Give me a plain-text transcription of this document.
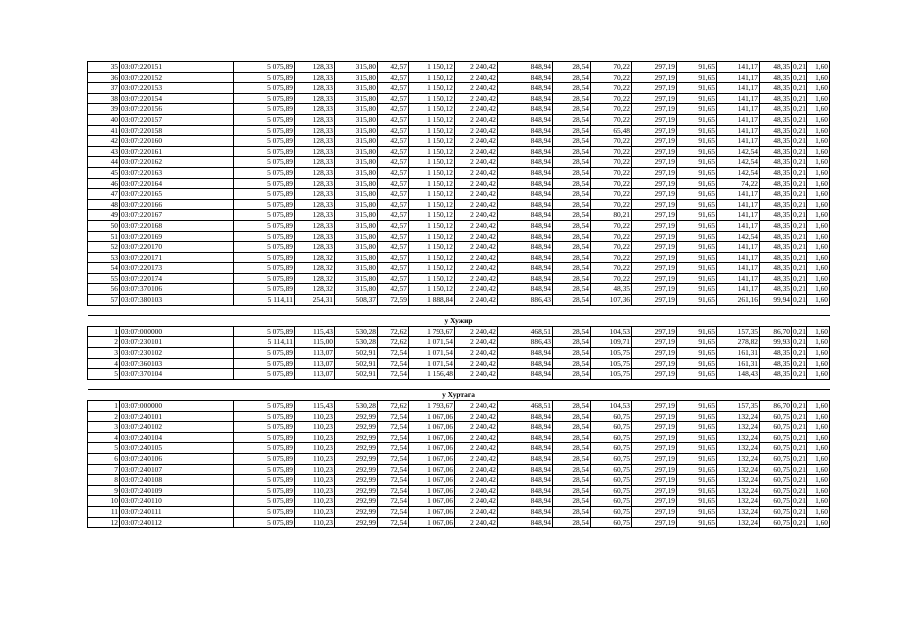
35	03:07:220151	5 075,89	128,33	315,80	42,57	1 150,12	2 240,42	848,94	28,54	70,22	297,19	91,65	141,17	48,35	0,21	1,60
36	03:07:220152	5 075,89	128,33	315,80	42,57	1 150,12	2 240,42	848,94	28,54	70,22	297,19	91,65	141,17	48,35	0,21	1,60
37	03:07:220153	5 075,89	128,33	315,80	42,57	1 150,12	2 240,42	848,94	28,54	70,22	297,19	91,65	141,17	48,35	0,21	1,60
38	03:07:220154	5 075,89	128,33	315,80	42,57	1 150,12	2 240,42	848,94	28,54	70,22	297,19	91,65	141,17	48,35	0,21	1,60
39	03:07:220156	5 075,89	128,33	315,80	42,57	1 150,12	2 240,42	848,94	28,54	70,22	297,19	91,65	141,17	48,35	0,21	1,60
40	03:07:220157	5 075,89	128,33	315,80	42,57	1 150,12	2 240,42	848,94	28,54	70,22	297,19	91,65	141,17	48,35	0,21	1,60
41	03:07:220158	5 075,89	128,33	315,80	42,57	1 150,12	2 240,42	848,94	28,54	65,48	297,19	91,65	141,17	48,35	0,21	1,60
42	03:07:220160	5 075,89	128,33	315,80	42,57	1 150,12	2 240,42	848,94	28,54	70,22	297,19	91,65	141,17	48,35	0,21	1,60
43	03:07:220161	5 075,89	128,33	315,80	42,57	1 150,12	2 240,42	848,94	28,54	70,22	297,19	91,65	142,54	48,35	0,21	1,60
44	03:07:220162	5 075,89	128,33	315,80	42,57	1 150,12	2 240,42	848,94	28,54	70,22	297,19	91,65	142,54	48,35	0,21	1,60
45	03:07:220163	5 075,89	128,33	315,80	42,57	1 150,12	2 240,42	848,94	28,54	70,22	297,19	91,65	142,54	48,35	0,21	1,60
46	03:07:220164	5 075,89	128,33	315,80	42,57	1 150,12	2 240,42	848,94	28,54	70,22	297,19	91,65	74,22	48,35	0,21	1,60
47	03:07:220165	5 075,89	128,33	315,80	42,57	1 150,12	2 240,42	848,94	28,54	70,22	297,19	91,65	141,17	48,35	0,21	1,60
48	03:07:220166	5 075,89	128,33	315,80	42,57	1 150,12	2 240,42	848,94	28,54	70,22	297,19	91,65	141,17	48,35	0,21	1,60
49	03:07:220167	5 075,89	128,33	315,80	42,57	1 150,12	2 240,42	848,94	28,54	80,21	297,19	91,65	141,17	48,35	0,21	1,60
50	03:07:220168	5 075,89	128,33	315,80	42,57	1 150,12	2 240,42	848,94	28,54	70,22	297,19	91,65	141,17	48,35	0,21	1,60
51	03:07:220169	5 075,89	128,33	315,80	42,57	1 150,12	2 240,42	848,94	28,54	70,22	297,19	91,65	142,54	48,35	0,21	1,60
52	03:07:220170	5 075,89	128,33	315,80	42,57	1 150,12	2 240,42	848,94	28,54	70,22	297,19	91,65	141,17	48,35	0,21	1,60
53	03:07:220171	5 075,89	128,32	315,80	42,57	1 150,12	2 240,42	848,94	28,54	70,22	297,19	91,65	141,17	48,35	0,21	1,60
54	03:07:220173	5 075,89	128,32	315,80	42,57	1 150,12	2 240,42	848,94	28,54	70,22	297,19	91,65	141,17	48,35	0,21	1,60
55	03:07:220174	5 075,89	128,32	315,80	42,57	1 150,12	2 240,42	848,94	28,54	70,22	297,19	91,65	141,17	48,35	0,21	1,60
56	03:07:370106	5 075,89	128,32	315,80	42,57	1 150,12	2 240,42	848,94	28,54	48,35	297,19	91,65	141,17	48,35	0,21	1,60
57	03:07:380103	5 114,11	254,31	508,37	72,59	1 888,84	2 240,42	886,43	28,54	107,36	297,19	91,65	261,16	99,94	0,21	1,60

у Хужир																
1	03:07:000000	5 075,89	115,43	530,28	72,62	1 793,67	2 240,42	468,51	28,54	104,53	297,19	91,65	157,35	86,70	0,21	1,60
2	03:07:230101	5 114,11	115,00	530,28	72,62	1 071,54	2 240,42	886,43	28,54	109,71	297,19	91,65	278,82	99,93	0,21	1,60
3	03:07:230102	5 075,89	113,07	502,91	72,54	1 071,54	2 240,42	848,94	28,54	105,75	297,19	91,65	161,31	48,35	0,21	1,60
4	03:07:360103	5 075,89	113,07	502,91	72,54	1 071,54	2 240,42	848,94	28,54	105,75	297,19	91,65	161,31	48,35	0,21	1,60
5	03:07:370104	5 075,89	113,07	502,91	72,54	1 156,48	2 240,42	848,94	28,54	105,75	297,19	91,65	148,43	48,35	0,21	1,60

у Хуртага																
1	03:07:000000	5 075,89	115,43	530,28	72,62	1 793,67	2 240,42	468,51	28,54	104,53	297,19	91,65	157,35	86,70	0,21	1,60
2	03:07:240101	5 075,89	110,23	292,99	72,54	1 067,06	2 240,42	848,94	28,54	60,75	297,19	91,65	132,24	60,75	0,21	1,60
3	03:07:240102	5 075,89	110,23	292,99	72,54	1 067,06	2 240,42	848,94	28,54	60,75	297,19	91,65	132,24	60,75	0,21	1,60
4	03:07:240104	5 075,89	110,23	292,99	72,54	1 067,06	2 240,42	848,94	28,54	60,75	297,19	91,65	132,24	60,75	0,21	1,60
5	03:07:240105	5 075,89	110,23	292,99	72,54	1 067,06	2 240,42	848,94	28,54	60,75	297,19	91,65	132,24	60,75	0,21	1,60
6	03:07:240106	5 075,89	110,23	292,99	72,54	1 067,06	2 240,42	848,94	28,54	60,75	297,19	91,65	132,24	60,75	0,21	1,60
7	03:07:240107	5 075,89	110,23	292,99	72,54	1 067,06	2 240,42	848,94	28,54	60,75	297,19	91,65	132,24	60,75	0,21	1,60
8	03:07:240108	5 075,89	110,23	292,99	72,54	1 067,06	2 240,42	848,94	28,54	60,75	297,19	91,65	132,24	60,75	0,21	1,60
9	03:07:240109	5 075,89	110,23	292,99	72,54	1 067,06	2 240,42	848,94	28,54	60,75	297,19	91,65	132,24	60,75	0,21	1,60
10	03:07:240110	5 075,89	110,23	292,99	72,54	1 067,06	2 240,42	848,94	28,54	60,75	297,19	91,65	132,24	60,75	0,21	1,60
11	03:07:240111	5 075,89	110,23	292,99	72,54	1 067,06	2 240,42	848,94	28,54	60,75	297,19	91,65	132,24	60,75	0,21	1,60
12	03:07:240112	5 075,89	110,23	292,99	72,54	1 067,06	2 240,42	848,94	28,54	60,75	297,19	91,65	132,24	60,75	0,21	1,60
